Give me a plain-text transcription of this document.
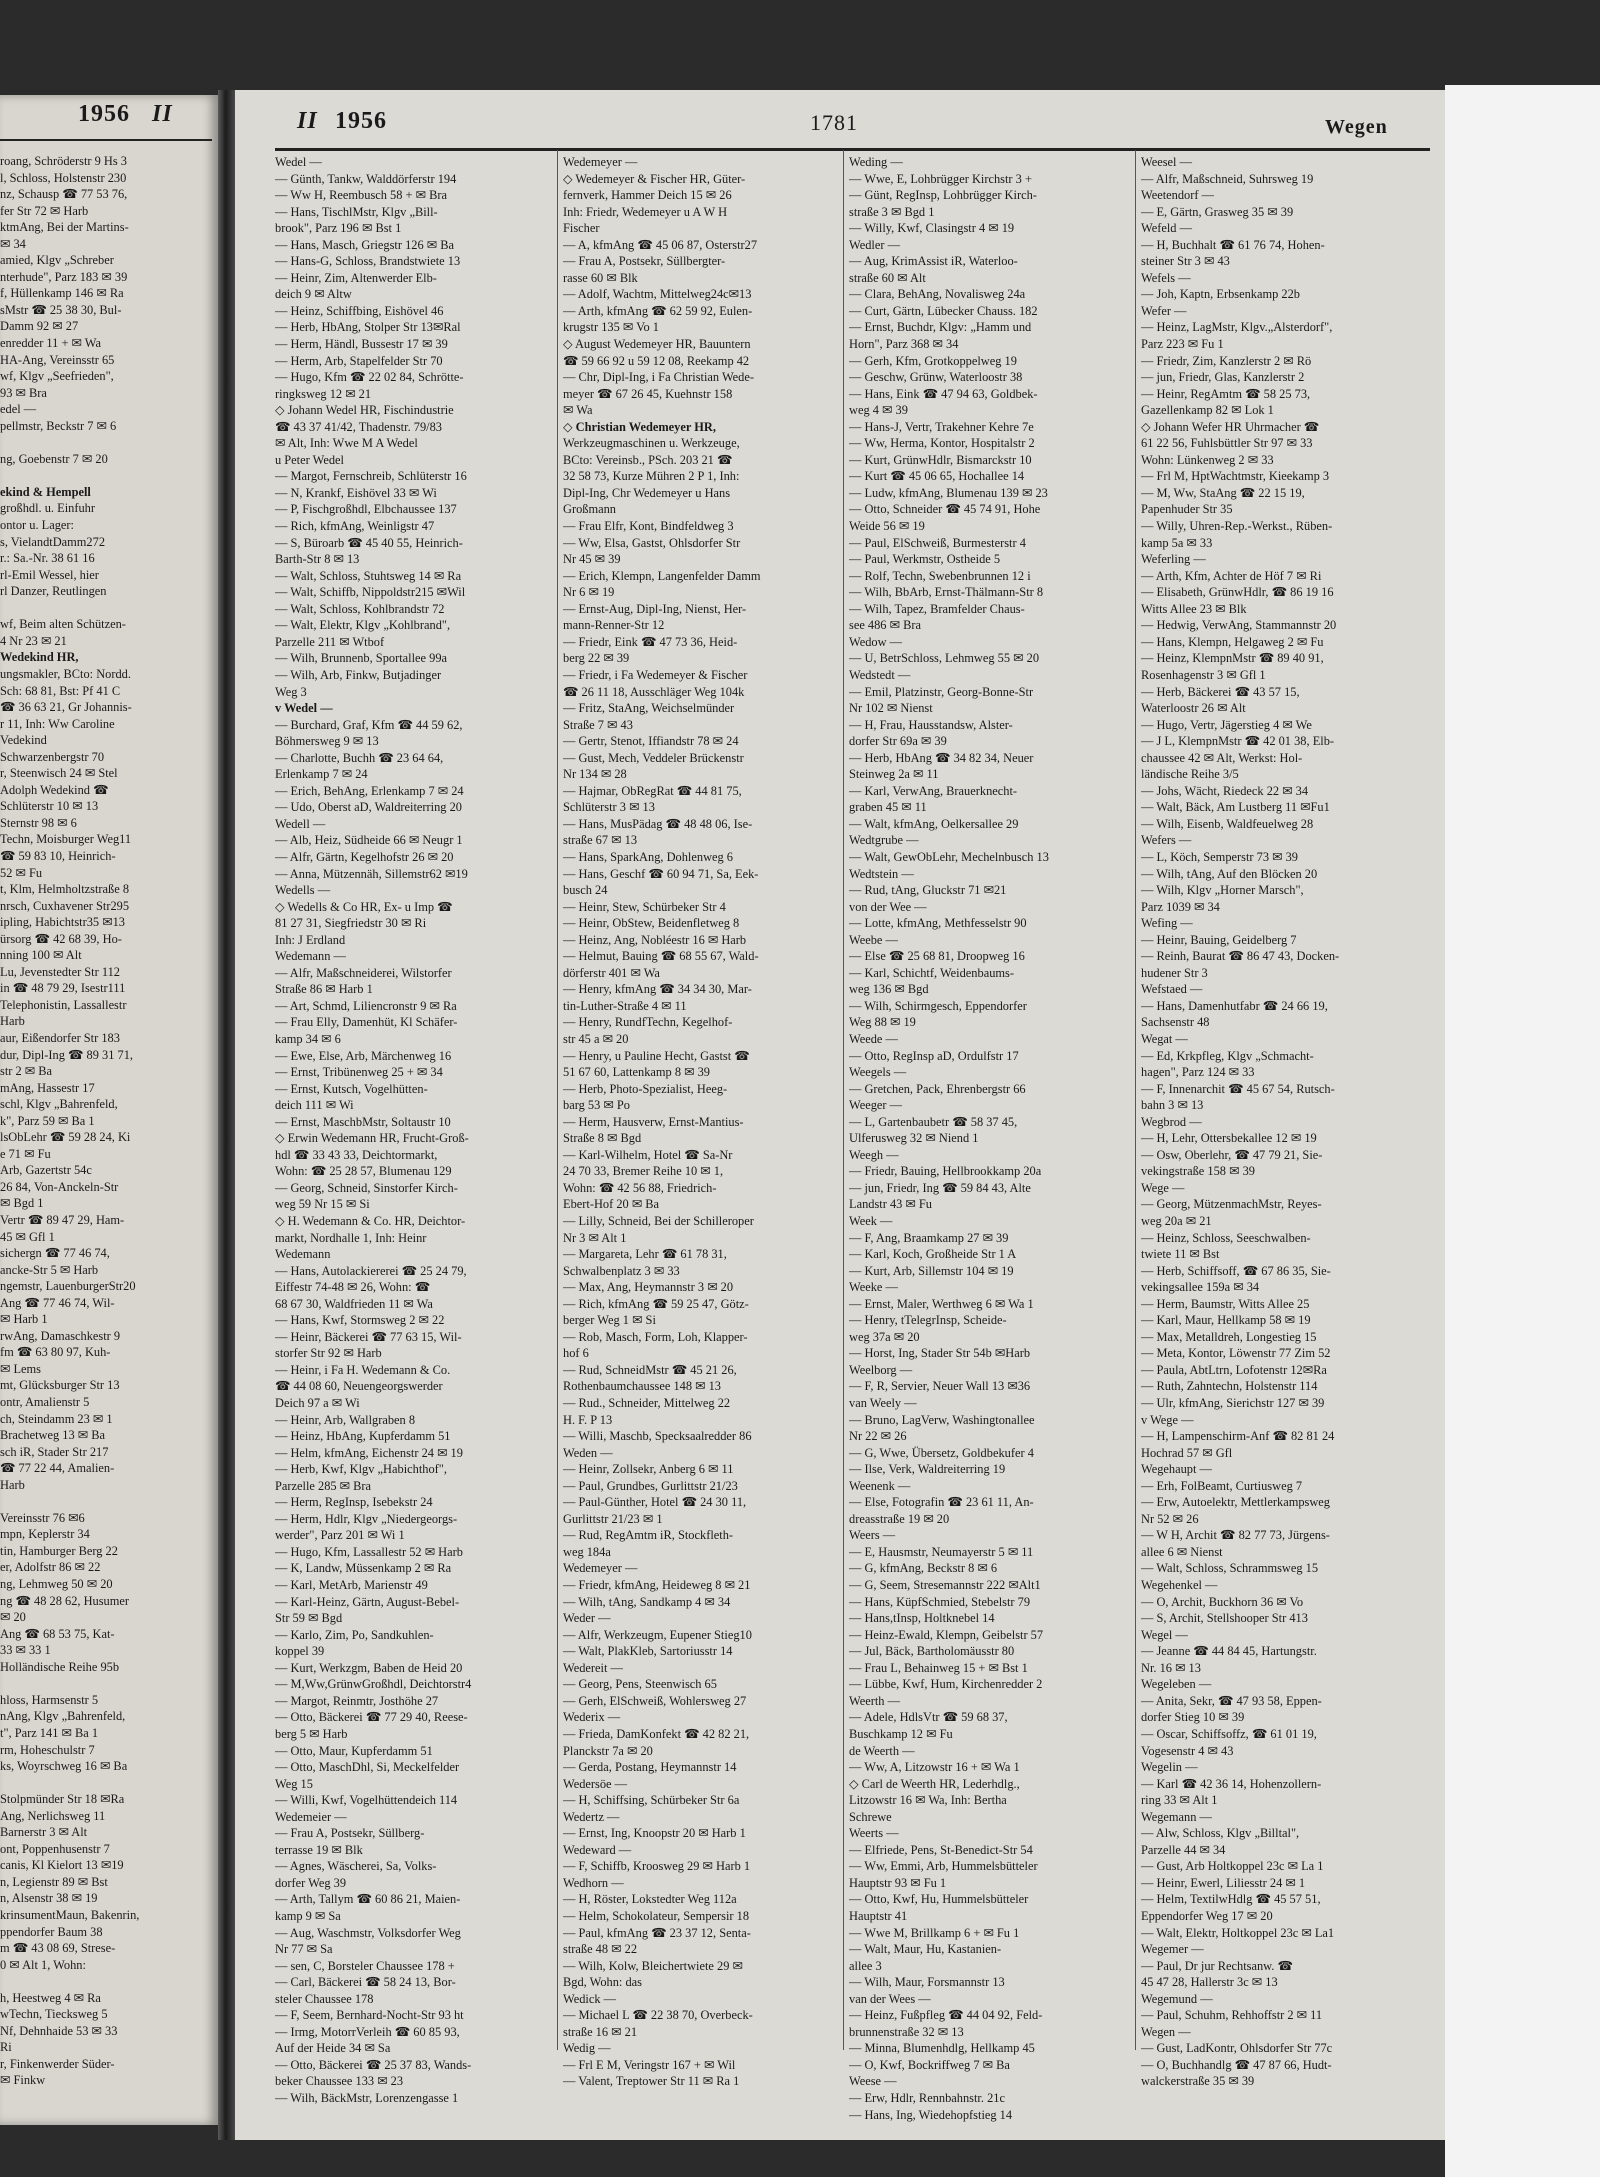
1956 II
roang, Schröderstr 9 Hs 3
l, Schloss, Holstenstr 230
nz, Schausp ☎ 77 53 76,
fer Str 72 ✉ Harb
ktmAng, Bei der Martins-
✉ 34
amied, Klgv „Schreber
nterhude", Parz 183 ✉ 39
f, Hüllenkamp 146 ✉ Ra
sMstr ☎ 25 38 30, Bul-
Damm 92 ✉ 27
enredder 11 + ✉ Wa
HA-Ang, Vereinsstr 65
wf, Klgv „Seefrieden",
93 ✉ Bra
edel —
pellmstr, Beckstr 7 ✉ 6

ng, Goebenstr 7 ✉ 20

ekind & Hempell
großhdl. u. Einfuhr
ontor u. Lager:
s, VielandtDamm272
r.: Sa.-Nr. 38 61 16
rl-Emil Wessel, hier
rl Danzer, Reutlingen

wf, Beim alten Schützen-
4 Nr 23 ✉ 21
Wedekind HR,
ungsmakler, BCto: Nordd.
Sch: 68 81, Bst: Pf 41 C
☎ 36 63 21, Gr Johannis-
r 11, Inh: Ww Caroline
Vedekind
Schwarzenbergstr 70
r, Steenwisch 24 ✉ Stel
Adolph Wedekind ☎
Schlüterstr 10 ✉ 13
Sternstr 98 ✉ 6
Techn, Moisburger Weg11
☎ 59 83 10, Heinrich-
52 ✉ Fu
t, Klm, Helmholtzstraße 8
nrsch, Cuxhavener Str295
ipling, Habichtstr35 ✉13
ürsorg ☎ 42 68 39, Ho-
nning 100 ✉ Alt
Lu, Jevenstedter Str 112
in ☎ 48 79 29, Isestr111
Telephonistin, Lassallestr
Harb
aur, Eißendorfer Str 183
dur, Dipl-Ing ☎ 89 31 71,
str 2 ✉ Ba
mAng, Hassestr 17
schl, Klgv „Bahrenfeld,
k", Parz 59 ✉ Ba 1
lsObLehr ☎ 59 28 24, Ki
e 71 ✉ Fu
Arb, Gazertstr 54c
26 84, Von-Anckeln-Str
✉ Bgd 1
Vertr ☎ 89 47 29, Ham-
45 ✉ Gfl 1
sichergn ☎ 77 46 74,
ancke-Str 5 ✉ Harb
ngemstr, LauenburgerStr20
Ang ☎ 77 46 74, Wil-
✉ Harb 1
rwAng, Damaschkestr 9
fm ☎ 63 80 97, Kuh-
✉ Lems
mt, Glücksburger Str 13
ontr, Amalienstr 5
ch, Steindamm 23 ✉ 1
Brachetweg 13 ✉ Ba
sch iR, Stader Str 217
☎ 77 22 44, Amalien-
Harb

Vereinsstr 76 ✉6
mpn, Keplerstr 34
tin, Hamburger Berg 22
er, Adolfstr 86 ✉ 22
ng, Lehmweg 50 ✉ 20
ng ☎ 48 28 62, Husumer
✉ 20
Ang ☎ 68 53 75, Kat-
33 ✉ 33 1
Holländische Reihe 95b

hloss, Harmsenstr 5
nAng, Klgv „Bahrenfeld,
t", Parz 141 ✉ Ba 1
rm, Hoheschulstr 7
ks, Woyrschweg 16 ✉ Ba

Stolpmünder Str 18 ✉Ra
Ang, Nerlichsweg 11
Barnerstr 3 ✉ Alt
ont, Poppenhusenstr 7
canis, Kl Kielort 13 ✉19
n, Legienstr 89 ✉ Bst
n, Alsenstr 38 ✉ 19
krinsumentMaun, Bakenrin,
ppendorfer Baum 38
m ☎ 43 08 69, Strese-
0 ✉ Alt 1, Wohn:

h, Heestweg 4 ✉ Ra
wTechn, Tiecksweg 5
Nf, Dehnhaide 53 ✉ 33
Ri
r, Finkenwerder Süder-
✉ Finkw
II 1956	1781	Wegen
Wedel —
— Günth, Tankw, Walddörferstr 194
— Ww H, Reembusch 58 + ✉ Bra
— Hans, TischlMstr, Klgv „Bill-
brook", Parz 196 ✉ Bst 1
— Hans, Masch, Griegstr 126 ✉ Ba
— Hans-G, Schloss, Brandstwiete 13
— Heinr, Zim, Altenwerder Elb-
deich 9 ✉ Altw
— Heinz, Schiffbing, Eishövel 46
— Herb, HbAng, Stolper Str 13✉Ral
— Herm, Händl, Bussestr 17 ✉ 39
— Herm, Arb, Stapelfelder Str 70
— Hugo, Kfm ☎ 22 02 84, Schrötte-
ringksweg 12 ✉ 21
◇ Johann Wedel HR, Fischindustrie
☎ 43 37 41/42, Thadenstr. 79/83
✉ Alt, Inh: Wwe M A Wedel
u Peter Wedel
— Margot, Fernschreib, Schlüterstr 16
— N, Krankf, Eishövel 33 ✉ Wi
— P, Fischgroßhdl, Elbchaussee 137
— Rich, kfmAng, Weinligstr 47
— S, Büroarb ☎ 45 40 55, Heinrich-
Barth-Str 8 ✉ 13
— Walt, Schloss, Stuhtsweg 14 ✉ Ra
— Walt, Schiffb, Nippoldstr215 ✉Wil
— Walt, Schloss, Kohlbrandstr 72
— Walt, Elektr, Klgv „Kohlbrand",
Parzelle 211 ✉ Wtbof
— Wilh, Brunnenb, Sportallee 99a
— Wilh, Arb, Finkw, Butjadinger
Weg 3
v Wedel —
— Burchard, Graf, Kfm ☎ 44 59 62,
Böhmersweg 9 ✉ 13
— Charlotte, Buchh ☎ 23 64 64,
Erlenkamp 7 ✉ 24
— Erich, BehAng, Erlenkamp 7 ✉ 24
— Udo, Oberst aD, Waldreiterring 20
Wedell —
— Alb, Heiz, Südheide 66 ✉ Neugr 1
— Alfr, Gärtn, Kegelhofstr 26 ✉ 20
— Anna, Mützennäh, Sillemstr62 ✉19
Wedells —
◇ Wedells & Co HR, Ex- u Imp ☎
81 27 31, Siegfriedstr 30 ✉ Ri
Inh: J Erdland
Wedemann —
— Alfr, Maßschneiderei, Wilstorfer
Straße 86 ✉ Harb 1
— Art, Schmd, Liliencronstr 9 ✉ Ra
— Frau Elly, Damenhüt, Kl Schäfer-
kamp 34 ✉ 6
— Ewe, Else, Arb, Märchenweg 16
— Ernst, Tribünenweg 25 + ✉ 34
— Ernst, Kutsch, Vogelhütten-
deich 111 ✉ Wi
— Ernst, MaschbMstr, Soltaustr 10
◇ Erwin Wedemann HR, Frucht-Groß-
hdl ☎ 33 43 33, Deichtormarkt,
Wohn: ☎ 25 28 57, Blumenau 129
— Georg, Schneid, Sinstorfer Kirch-
weg 59 Nr 15 ✉ Si
◇ H. Wedemann & Co. HR, Deichtor-
markt, Nordhalle 1, Inh: Heinr
Wedemann
— Hans, Autolackiererei ☎ 25 24 79,
Eiffestr 74-48 ✉ 26, Wohn: ☎
68 67 30, Waldfrieden 11 ✉ Wa
— Hans, Kwf, Stormsweg 2 ✉ 22
— Heinr, Bäckerei ☎ 77 63 15, Wil-
storfer Str 92 ✉ Harb
— Heinr, i Fa H. Wedemann & Co.
☎ 44 08 60, Neuengeorgswerder
Deich 97 a ✉ Wi
— Heinr, Arb, Wallgraben 8
— Heinz, HbAng, Kupferdamm 51
— Helm, kfmAng, Eichenstr 24 ✉ 19
— Herb, Kwf, Klgv „Habichthof",
Parzelle 285 ✉ Bra
— Herm, RegInsp, Isebekstr 24
— Herm, Hdlr, Klgv „Niedergeorgs-
werder", Parz 201 ✉ Wi 1
— Hugo, Kfm, Lassallestr 52 ✉ Harb
— K, Landw, Müssenkamp 2 ✉ Ra
— Karl, MetArb, Marienstr 49
— Karl-Heinz, Gärtn, August-Bebel-
Str 59 ✉ Bgd
— Karlo, Zim, Po, Sandkuhlen-
koppel 39
— Kurt, Werkzgm, Baben de Heid 20
— M,Ww,GrünwGroßhdl, Deichtorstr4
— Margot, Reinmtr, Josthöhe 27
— Otto, Bäckerei ☎ 77 29 40, Reese-
berg 5 ✉ Harb
— Otto, Maur, Kupferdamm 51
— Otto, MaschDhl, Si, Meckelfelder
Weg 15
— Willi, Kwf, Vogelhüttendeich 114
Wedemeier —
— Frau A, Postsekr, Süllberg-
terrasse 19 ✉ Blk
— Agnes, Wäscherei, Sa, Volks-
dorfer Weg 39
— Arth, Tallym ☎ 60 86 21, Maien-
kamp 9 ✉ Sa
— Aug, Waschmstr, Volksdorfer Weg
Nr 77 ✉ Sa
— sen, C, Borsteler Chaussee 178 +
— Carl, Bäckerei ☎ 58 24 13, Bor-
steler Chaussee 178
— F, Seem, Bernhard-Nocht-Str 93 ht
— Irmg, MotorrVerleih ☎ 60 85 93,
Auf der Heide 34 ✉ Sa
— Otto, Bäckerei ☎ 25 37 83, Wands-
beker Chaussee 133 ✉ 23
— Wilh, BäckMstr, Lorenzengasse 1
Wedemeyer —
◇ Wedemeyer & Fischer HR, Güter-
fernverk, Hammer Deich 15 ✉ 26
Inh: Friedr, Wedemeyer u A W H
Fischer
— A, kfmAng ☎ 45 06 87, Osterstr27
— Frau A, Postsekr, Süllbergter-
rasse 60 ✉ Blk
— Adolf, Wachtm, Mittelweg24c✉13
— Arth, kfmAng ☎ 62 59 92, Eulen-
krugstr 135 ✉ Vo 1
◇ August Wedemeyer HR, Bauuntern
☎ 59 66 92 u 59 12 08, Reekamp 42
— Chr, Dipl-Ing, i Fa Christian Wede-
meyer ☎ 67 26 45, Kuehnstr 158
✉ Wa
◇ Christian Wedemeyer HR,
Werkzeugmaschinen u. Werkzeuge,
BCto: Vereinsb., PSch. 203 21 ☎
32 58 73, Kurze Mühren 2 P 1, Inh:
Dipl-Ing, Chr Wedemeyer u Hans
Großmann
— Frau Elfr, Kont, Bindfeldweg 3
— Ww, Elsa, Gastst, Ohlsdorfer Str
Nr 45 ✉ 39
— Erich, Klempn, Langenfelder Damm
Nr 6 ✉ 19
— Ernst-Aug, Dipl-Ing, Nienst, Her-
mann-Renner-Str 12
— Friedr, Eink ☎ 47 73 36, Heid-
berg 22 ✉ 39
— Friedr, i Fa Wedemeyer & Fischer
☎ 26 11 18, Ausschläger Weg 104k
— Fritz, StaAng, Weichselmünder
Straße 7 ✉ 43
— Gertr, Stenot, Iffiandstr 78 ✉ 24
— Gust, Mech, Veddeler Brückenstr
Nr 134 ✉ 28
— Hajmar, ObRegRat ☎ 44 81 75,
Schlüterstr 3 ✉ 13
— Hans, MusPädag ☎ 48 48 06, Ise-
straße 67 ✉ 13
— Hans, SparkAng, Dohlenweg 6
— Hans, Geschf ☎ 60 94 71, Sa, Eek-
busch 24
— Heinr, Stew, Schürbeker Str 4
— Heinr, ObStew, Beidenfletweg 8
— Heinz, Ang, Nobléestr 16 ✉ Harb
— Helmut, Bauing ☎ 68 55 67, Wald-
dörferstr 401 ✉ Wa
— Henry, kfmAng ☎ 34 34 30, Mar-
tin-Luther-Straße 4 ✉ 11
— Henry, RundfTechn, Kegelhof-
str 45 a ✉ 20
— Henry, u Pauline Hecht, Gastst ☎
51 67 60, Lattenkamp 8 ✉ 39
— Herb, Photo-Spezialist, Heeg-
barg 53 ✉ Po
— Herm, Hausverw, Ernst-Mantius-
Straße 8 ✉ Bgd
— Karl-Wilhelm, Hotel ☎ Sa-Nr
24 70 33, Bremer Reihe 10 ✉ 1,
Wohn: ☎ 42 56 88, Friedrich-
Ebert-Hof 20 ✉ Ba
— Lilly, Schneid, Bei der Schilleroper
Nr 3 ✉ Alt 1
— Margareta, Lehr ☎ 61 78 31,
Schwalbenplatz 3 ✉ 33
— Max, Ang, Heymannstr 3 ✉ 20
— Rich, kfmAng ☎ 59 25 47, Götz-
berger Weg 1 ✉ Si
— Rob, Masch, Form, Loh, Klapper-
hof 6
— Rud, SchneidMstr ☎ 45 21 26,
Rothenbaumchaussee 148 ✉ 13
— Rud., Schneider, Mittelweg 22
H. F. P 13
— Willi, Maschb, Specksaalredder 86
Weden —
— Heinr, Zollsekr, Anberg 6 ✉ 11
— Paul, Grundbes, Gurlittstr 21/23
— Paul-Günther, Hotel ☎ 24 30 11,
Gurlittstr 21/23 ✉ 1
— Rud, RegAmtm iR, Stockfleth-
weg 184a
Wedemeyer —
— Friedr, kfmAng, Heideweg 8 ✉ 21
— Wilh, tAng, Sandkamp 4 ✉ 34
Weder —
— Alfr, Werkzeugm, Eupener Stieg10
— Walt, PlakKleb, Sartoriusstr 14
Wedereit —
— Georg, Pens, Steenwisch 65
— Gerh, ElSchweiß, Wohlersweg 27
Wederix —
— Frieda, DamKonfekt ☎ 42 82 21,
Planckstr 7a ✉ 20
— Gerda, Postang, Heymannstr 14
Wedersöe —
— H, Schiffsing, Schürbeker Str 6a
Wedertz —
— Ernst, Ing, Knoopstr 20 ✉ Harb 1
Wedeward —
— F, Schiffb, Kroosweg 29 ✉ Harb 1
Wedhorn —
— H, Röster, Lokstedter Weg 112a
— Helm, Schokolateur, Sempersir 18
— Paul, kfmAng ☎ 23 37 12, Senta-
straße 48 ✉ 22
— Wilh, Kolw, Bleichertwiete 29 ✉
Bgd, Wohn: das
Wedick —
— Michael L ☎ 22 38 70, Overbeck-
straße 16 ✉ 21
Wedig —
— Frl E M, Veringstr 167 + ✉ Wil
— Valent, Treptower Str 11 ✉ Ra 1
Weding —
— Wwe, E, Lohbrügger Kirchstr 3 +
— Günt, RegInsp, Lohbrügger Kirch-
straße 3 ✉ Bgd 1
— Willy, Kwf, Clasingstr 4 ✉ 19
Wedler —
— Aug, KrimAssist iR, Waterloo-
straße 60 ✉ Alt
— Clara, BehAng, Novalisweg 24a
— Curt, Gärtn, Lübecker Chauss. 182
— Ernst, Buchdr, Klgv: „Hamm und
Horn", Parz 368 ✉ 34
— Gerh, Kfm, Grotkoppelweg 19
— Geschw, Grünw, Waterloostr 38
— Hans, Eink ☎ 47 94 63, Goldbek-
weg 4 ✉ 39
— Hans-J, Vertr, Trakehner Kehre 7e
— Ww, Herma, Kontor, Hospitalstr 2
— Kurt, GrünwHdlr, Bismarckstr 10
— Kurt ☎ 45 06 65, Hochallee 14
— Ludw, kfmAng, Blumenau 139 ✉ 23
— Otto, Schneider ☎ 45 74 91, Hohe
Weide 56 ✉ 19
— Paul, ElSchweiß, Burmesterstr 4
— Paul, Werkmstr, Ostheide 5
— Rolf, Techn, Swebenbrunnen 12 i
— Wilh, BbArb, Ernst-Thälmann-Str 8
— Wilh, Tapez, Bramfelder Chaus-
see 486 ✉ Bra
Wedow —
— U, BetrSchloss, Lehmweg 55 ✉ 20
Wedstedt —
— Emil, Platzinstr, Georg-Bonne-Str
Nr 102 ✉ Nienst
— H, Frau, Hausstandsw, Alster-
dorfer Str 69a ✉ 39
— Herb, HbAng ☎ 34 82 34, Neuer
Steinweg 2a ✉ 11
— Karl, VerwAng, Brauerknecht-
graben 45 ✉ 11
— Walt, kfmAng, Oelkersallee 29
Wedtgrube —
— Walt, GewObLehr, Mechelnbusch 13
Wedtstein —
— Rud, tAng, Gluckstr 71 ✉21
von der Wee —
— Lotte, kfmAng, Methfesselstr 90
Weebe —
— Else ☎ 25 68 81, Droopweg 16
— Karl, Schichtf, Weidenbaums-
weg 136 ✉ Bgd
— Wilh, Schirmgesch, Eppendorfer
Weg 88 ✉ 19
Weede —
— Otto, RegInsp aD, Ordulfstr 17
Weegels —
— Gretchen, Pack, Ehrenbergstr 66
Weeger —
— L, Gartenbaubetr ☎ 58 37 45,
Ulferusweg 32 ✉ Niend 1
Weegh —
— Friedr, Bauing, Hellbrookkamp 20a
— jun, Friedr, Ing ☎ 59 84 43, Alte
Landstr 43 ✉ Fu
Week —
— F, Ang, Braamkamp 27 ✉ 39
— Karl, Koch, Großheide Str 1 A
— Kurt, Arb, Sillemstr 104 ✉ 19
Weeke —
— Ernst, Maler, Werthweg 6 ✉ Wa 1
— Henry, tTelegrInsp, Scheide-
weg 37a ✉ 20
— Horst, Ing, Stader Str 54b ✉Harb
Weelborg —
— F, R, Servier, Neuer Wall 13 ✉36
van Weely —
— Bruno, LagVerw, Washingtonallee
Nr 22 ✉ 26
— G, Wwe, Übersetz, Goldbekufer 4
— Ilse, Verk, Waldreiterring 19
Weenenk —
— Else, Fotografin ☎ 23 61 11, An-
dreasstraße 19 ✉ 20
Weers —
— E, Hausmstr, Neumayerstr 5 ✉ 11
— G, kfmAng, Beckstr 8 ✉ 6
— G, Seem, Stresemannstr 222 ✉Alt1
— Hans, KüpfSchmied, Stebelstr 79
— Hans,tInsp, Holtknebel 14
— Heinz-Ewald, Klempn, Geibelstr 57
— Jul, Bäck, Bartholomäusstr 80
— Frau L, Behainweg 15 + ✉ Bst 1
— Lübbe, Kwf, Hum, Kirchenredder 2
Weerth —
— Adele, HdlsVtr ☎ 59 68 37,
Buschkamp 12 ✉ Fu
de Weerth —
— Ww, A, Litzowstr 16 + ✉ Wa 1
◇ Carl de Weerth HR, Lederhdlg.,
Litzowstr 16 ✉ Wa, Inh: Bertha
Schrewe
Weerts —
— Elfriede, Pens, St-Benedict-Str 54
— Ww, Emmi, Arb, Hummelsbütteler
Hauptstr 93 ✉ Fu 1
— Otto, Kwf, Hu, Hummelsbütteler
Hauptstr 41
— Wwe M, Brillkamp 6 + ✉ Fu 1
— Walt, Maur, Hu, Kastanien-
allee 3
— Wilh, Maur, Forsmannstr 13
van der Wees —
— Heinz, Fußpfleg ☎ 44 04 92, Feld-
brunnenstraße 32 ✉ 13
— Minna, Blumenhdlg, Hellkamp 45
— O, Kwf, Bockriffweg 7 ✉ Ba
Weese —
— Erw, Hdlr, Rennbahnstr. 21c
— Hans, Ing, Wiedehopfstieg 14
Weesel —
— Alfr, Maßschneid, Suhrsweg 19
Weetendorf —
— E, Gärtn, Grasweg 35 ✉ 39
Wefeld —
— H, Buchhalt ☎ 61 76 74, Hohen-
steiner Str 3 ✉ 43
Wefels —
— Joh, Kaptn, Erbsenkamp 22b
Wefer —
— Heinz, LagMstr, Klgv.„Alsterdorf",
Parz 223 ✉ Fu 1
— Friedr, Zim, Kanzlerstr 2 ✉ Rö
— jun, Friedr, Glas, Kanzlerstr 2
— Heinr, RegAmtm ☎ 58 25 73,
Gazellenkamp 82 ✉ Lok 1
◇ Johann Wefer HR Uhrmacher ☎
61 22 56, Fuhlsbüttler Str 97 ✉ 33
Wohn: Lünkenweg 2 ✉ 33
— Frl M, HptWachtmstr, Kieekamp 3
— M, Ww, StaAng ☎ 22 15 19,
Papenhuder Str 35
— Willy, Uhren-Rep.-Werkst., Rüben-
kamp 5a ✉ 33
Weferling —
— Arth, Kfm, Achter de Höf 7 ✉ Ri
— Elisabeth, GrünwHdlr, ☎ 86 19 16
Witts Allee 23 ✉ Blk
— Hedwig, VerwAng, Stammannstr 20
— Hans, Klempn, Helgaweg 2 ✉ Fu
— Heinz, KlempnMstr ☎ 89 40 91,
Rosenhagenstr 3 ✉ Gfl 1
— Herb, Bäckerei ☎ 43 57 15,
Waterloostr 26 ✉ Alt
— Hugo, Vertr, Jägerstieg 4 ✉ We
— J L, KlempnMstr ☎ 42 01 38, Elb-
chaussee 42 ✉ Alt, Werkst: Hol-
ländische Reihe 3/5
— Johs, Wächt, Riedeck 22 ✉ 34
— Walt, Bäck, Am Lustberg 11 ✉Fu1
— Wilh, Eisenb, Waldfeuelweg 28
Wefers —
— L, Köch, Semperstr 73 ✉ 39
— Wilh, tAng, Auf den Blöcken 20
— Wilh, Klgv „Horner Marsch",
Parz 1039 ✉ 34
Wefing —
— Heinr, Bauing, Geidelberg 7
— Reinh, Baurat ☎ 86 47 43, Docken-
hudener Str 3
Wefstaed —
— Hans, Damenhutfabr ☎ 24 66 19,
Sachsenstr 48
Wegat —
— Ed, Krkpfleg, Klgv „Schmacht-
hagen", Parz 124 ✉ 33
— F, Innenarchit ☎ 45 67 54, Rutsch-
bahn 3 ✉ 13
Wegbrod —
— H, Lehr, Ottersbekallee 12 ✉ 19
— Osw, Oberlehr, ☎ 47 79 21, Sie-
vekingstraße 158 ✉ 39
Wege —
— Georg, MützenmachMstr, Reyes-
weg 20a ✉ 21
— Heinz, Schloss, Seeschwalben-
twiete 11 ✉ Bst
— Herb, Schiffsoff, ☎ 67 86 35, Sie-
vekingsallee 159a ✉ 34
— Herm, Baumstr, Witts Allee 25
— Karl, Maur, Hellkamp 58 ✉ 19
— Max, Metalldreh, Longestieg 15
— Meta, Kontor, Löwenstr 77 Zim 52
— Paula, AbtLtrn, Lofotenstr 12✉Ra
— Ruth, Zahntechn, Holstenstr 114
— Ulr, kfmAng, Sierichstr 127 ✉ 39
v Wege —
— H, Lampenschirm-Anf ☎ 82 81 24
Hochrad 57 ✉ Gfl
Wegehaupt —
— Erh, FolBeamt, Curtiusweg 7
— Erw, Autoelektr, Mettlerkampsweg
Nr 52 ✉ 26
— W H, Archit ☎ 82 77 73, Jürgens-
allee 6 ✉ Nienst
— Walt, Schloss, Schrammsweg 15
Wegehenkel —
— O, Archit, Buckhorn 36 ✉ Vo
— S, Archit, Stellshooper Str 413
Wegel —
— Jeanne ☎ 44 84 45, Hartungstr.
Nr. 16 ✉ 13
Wegeleben —
— Anita, Sekr, ☎ 47 93 58, Eppen-
dorfer Stieg 10 ✉ 39
— Oscar, Schiffsoffz, ☎ 61 01 19,
Vogesenstr 4 ✉ 43
Wegelin —
— Karl ☎ 42 36 14, Hohenzollern-
ring 33 ✉ Alt 1
Wegemann —
— Alw, Schloss, Klgv „Billtal",
Parzelle 44 ✉ 34
— Gust, Arb Holtkoppel 23c ✉ La 1
— Heinr, Ewerl, Liliesstr 24 ✉ 1
— Helm, TextilwHdlg ☎ 45 57 51,
Eppendorfer Weg 17 ✉ 20
— Walt, Elektr, Holtkoppel 23c ✉ La1
Wegemer —
— Paul, Dr jur Rechtsanw. ☎
45 47 28, Hallerstr 3c ✉ 13
Wegemund —
— Paul, Schuhm, Rehhoffstr 2 ✉ 11
Wegen —
— Gust, LadKontr, Ohlsdorfer Str 77c
— O, Buchhandlg ☎ 47 87 66, Hudt-
walckerstraße 35 ✉ 39
